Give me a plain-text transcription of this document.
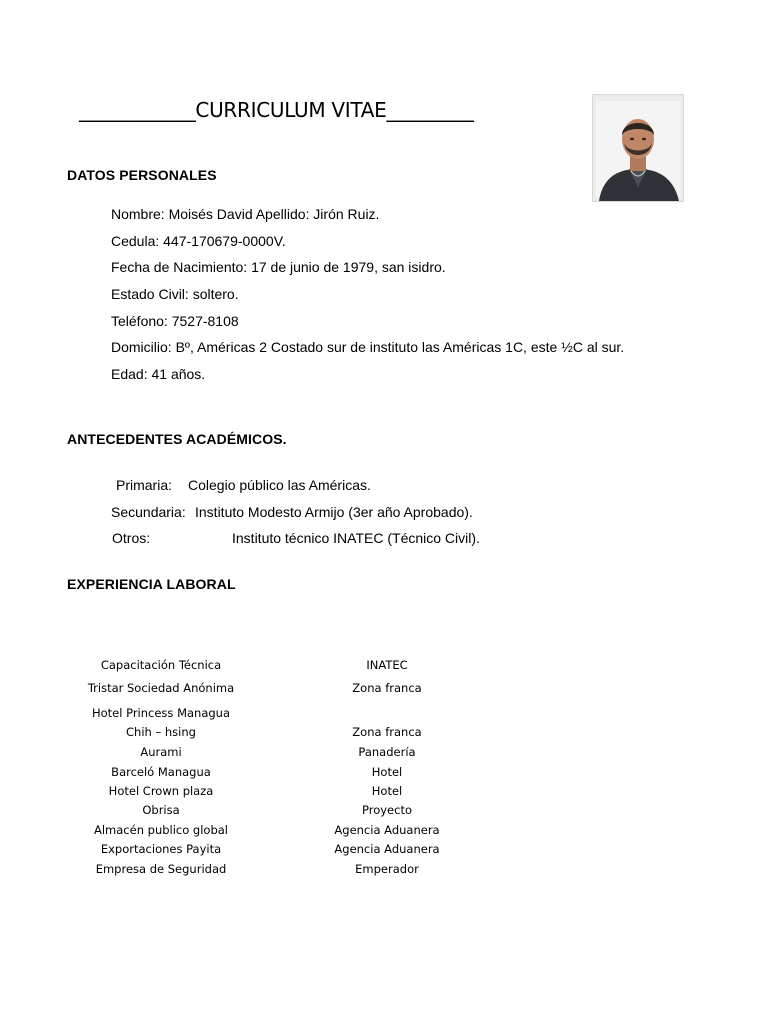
____________CURRICULUM VITAE_________
DATOS PERSONALES
Nombre: Moisés David Apellido: Jirón Ruiz.
Cedula: 447-170679-0000V.
Fecha de Nacimiento: 17 de junio de 1979, san isidro.
Estado Civil: soltero.
Teléfono: 7527-8108
Domicilio: Bº, Américas 2 Costado sur de instituto las Américas 1C, este ½C al sur.
Edad: 41 años.
ANTECEDENTES ACADÉMICOS.
Primaria: Colegio público las Américas.
Secundaria: Instituto Modesto Armijo (3er año Aprobado).
Otros:	Instituto técnico INATEC (Técnico Civil).
EXPERIENCIA LABORAL
Capacitación Técnica	INATEC
Tristar Sociedad Anónima	Zona franca
Hotel Princess Managua
Chih – hsing	Zona franca
Aurami	Panadería
Barceló Managua	Hotel
Hotel Crown plaza	Hotel
Obrisa	Proyecto
Almacén publico global	Agencia Aduanera
Exportaciones Payita	Agencia Aduanera
Empresa de Seguridad	Emperador
